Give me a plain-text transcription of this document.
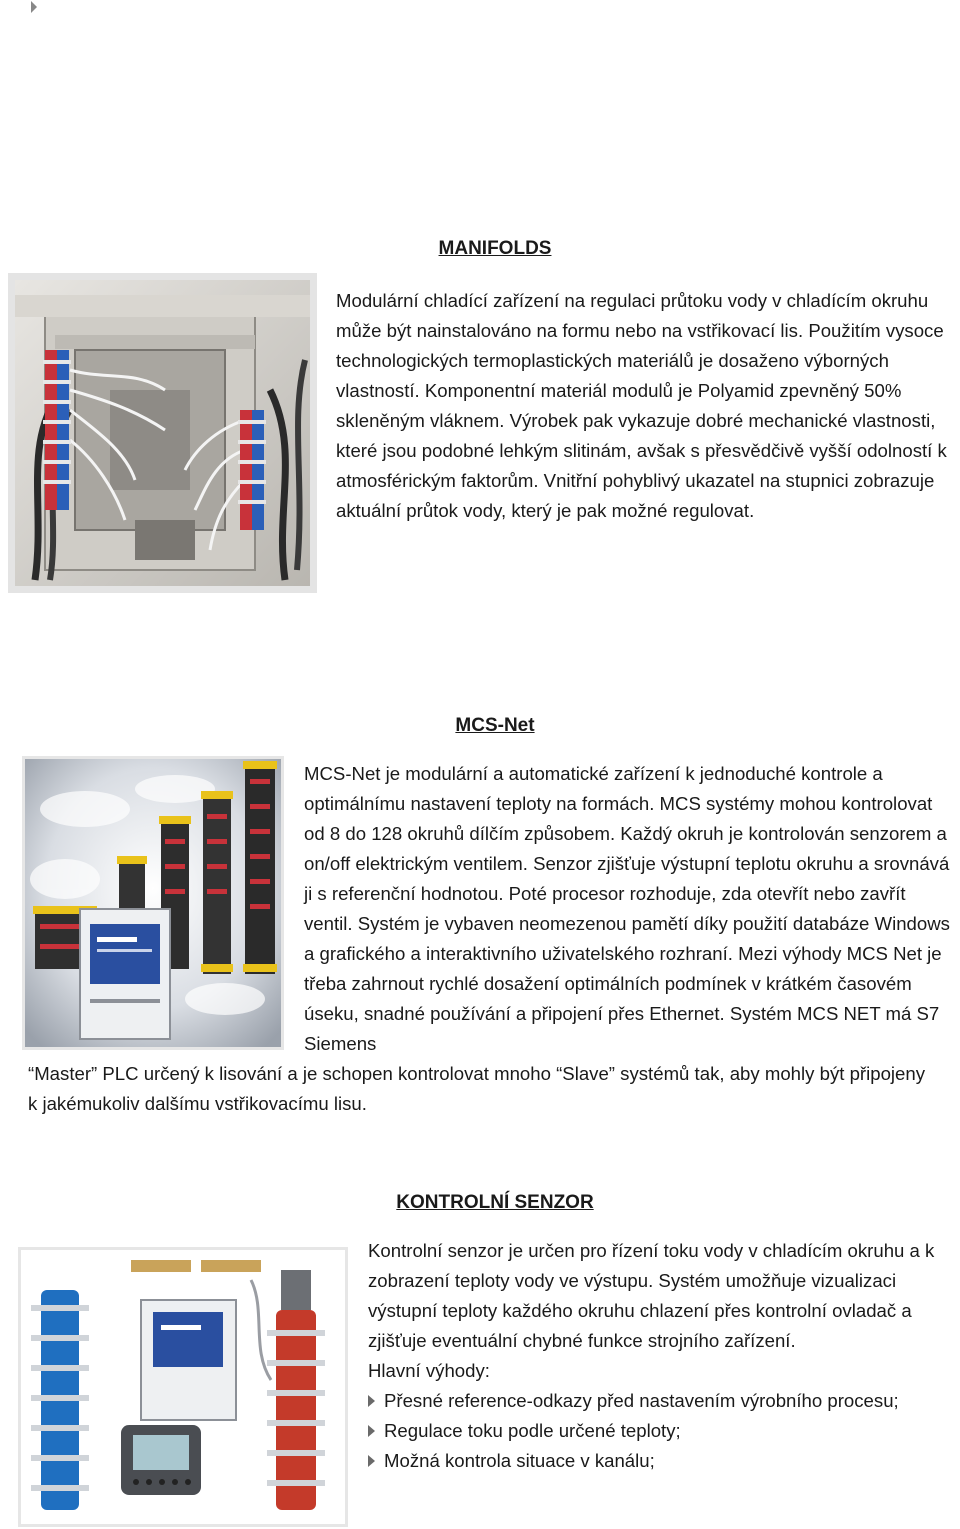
MANIFOLDS

Modulární chladící zařízení na regulaci průtoku vody v chladícím okruhu může být nainstalováno na formu nebo na vstřikovací lis. Použitím vysoce technologických termoplastických materiálů je dosaženo výborných vlastností. Komponentní materiál modulů je Polyamid zpevněný 50% skleněným vláknem. Výrobek pak vykazuje dobré mechanické vlastnosti, které jsou podobné lehkým slitinám, avšak s přesvědčivě vyšší odolností k atmosférickým faktorům. Vnitřní pohyblivý ukazatel na stupnici zobrazuje aktuální průtok vody, který je pak možné regulovat.

MCS-Net

MCS-Net je modulární a automatické zařízení k jednoduché kontrole a optimálnímu nastavení teploty na formách. MCS systémy mohou kontrolovat od 8 do 128 okruhů dílčím způsobem. Každý okruh je kontrolován senzorem a on/off elektrickým ventilem. Senzor zjišťuje výstupní teplotu okruhu a srovnává ji s referenční hodnotou. Poté procesor rozhoduje, zda otevřít nebo zavřít ventil. Systém je vybaven neomezenou pamětí díky použití databáze Windows a grafického a interaktivního uživatelského rozhraní. Mezi výhody MCS Net je třeba zahrnout rychlé dosažení optimálních podmínek v krátkém časovém úseku, snadné používání a připojení přes Ethernet. Systém MCS NET má S7 Siemens

“Master” PLC určený k lisování a je schopen kontrolovat mnoho “Slave” systémů tak, aby mohly být připojeny k jakémukoliv dalšímu vstřikovacímu lisu.

KONTROLNÍ SENZOR

Kontrolní senzor je určen pro řízení toku vody v chladícím okruhu a k zobrazení teploty vody ve výstupu. Systém umožňuje vizualizaci výstupní teploty každého okruhu chlazení přes kontrolní ovladač a zjišťuje eventuální chybné funkce strojního zařízení.

Hlavní výhody:

Přesné reference-odkazy před nastavením výrobního procesu;
Regulace toku podle určené teploty;
Možná kontrola situace v kanálu;
